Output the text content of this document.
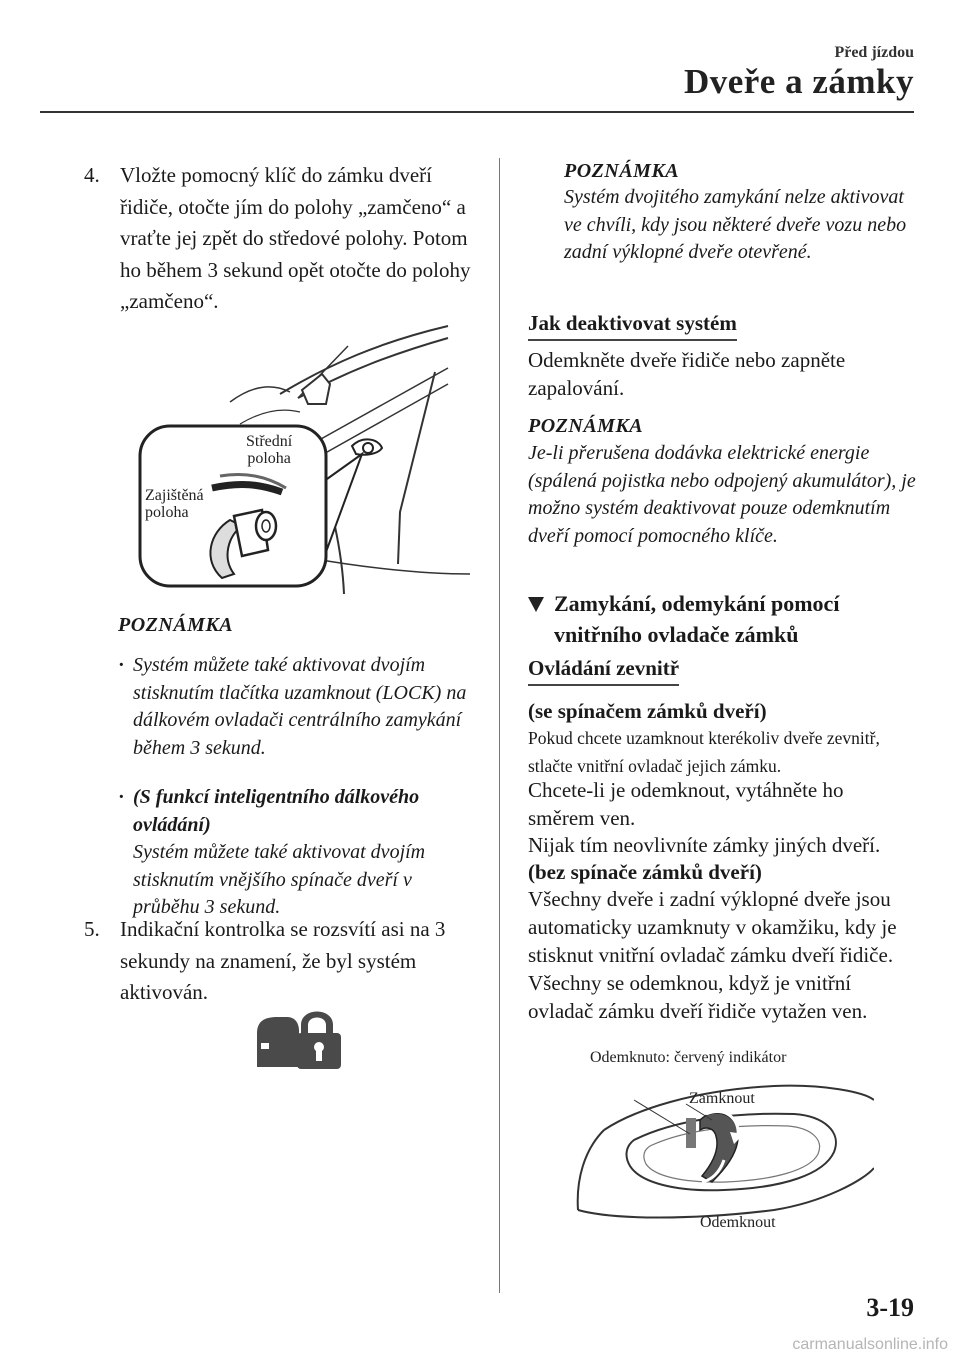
Před jízdou
Dveře a zámky
4. Vložte pomocný klíč do zámku dveří řidiče, otočte jím do polohy „zamčeno“ a vraťte jej zpět do středové polohy. Potom ho během 3 sekund opět otočte do polohy „zamčeno“.
Střední
poloha
Zajištěná
poloha
POZNÁMKA
· Systém můžete také aktivovat dvojím stisknutím tlačítka uzamknout (LOCK) na dálkovém ovladači centrálního zamykání během 3 sekund.
· (S funkcí inteligentního dálkového ovládání)
Systém můžete také aktivovat dvojím stisknutím vnějšího spínače dveří v průběhu 3 sekund.
5. Indikační kontrolka se rozsvítí asi na 3 sekundy na znamení, že byl systém aktivován.
POZNÁMKA
Systém dvojitého zamykání nelze aktivovat ve chvíli, kdy jsou některé dveře vozu nebo zadní výklopné dveře otevřené.
Jak deaktivovat systém
Odemkněte dveře řidiče nebo zapněte zapalování.
POZNÁMKA
Je-li přerušena dodávka elektrické energie (spálená pojistka nebo odpojený akumulátor), je možno systém deaktivovat pouze odemknutím dveří pomocí pomocného klíče.
Zamykání, odemykání pomocí vnitřního ovladače zámků
Ovládání zevnitř
(se spínačem zámků dveří)
Pokud chcete uzamknout kterékoliv dveře zevnitř, stlačte vnitřní ovladač jejich zámku.
Chcete-li je odemknout, vytáhněte ho směrem ven.
Nijak tím neovlivníte zámky jiných dveří.
(bez spínače zámků dveří)
Všechny dveře i zadní výklopné dveře jsou automaticky uzamknuty v okamžiku, kdy je stisknut vnitřní ovladač zámku dveří řidiče. Všechny se odemknou, když je vnitřní ovladač zámku dveří řidiče vytažen ven.
Odemknuto: červený indikátor
Zamknout
Odemknout
3-19
carmanualsonline.info
